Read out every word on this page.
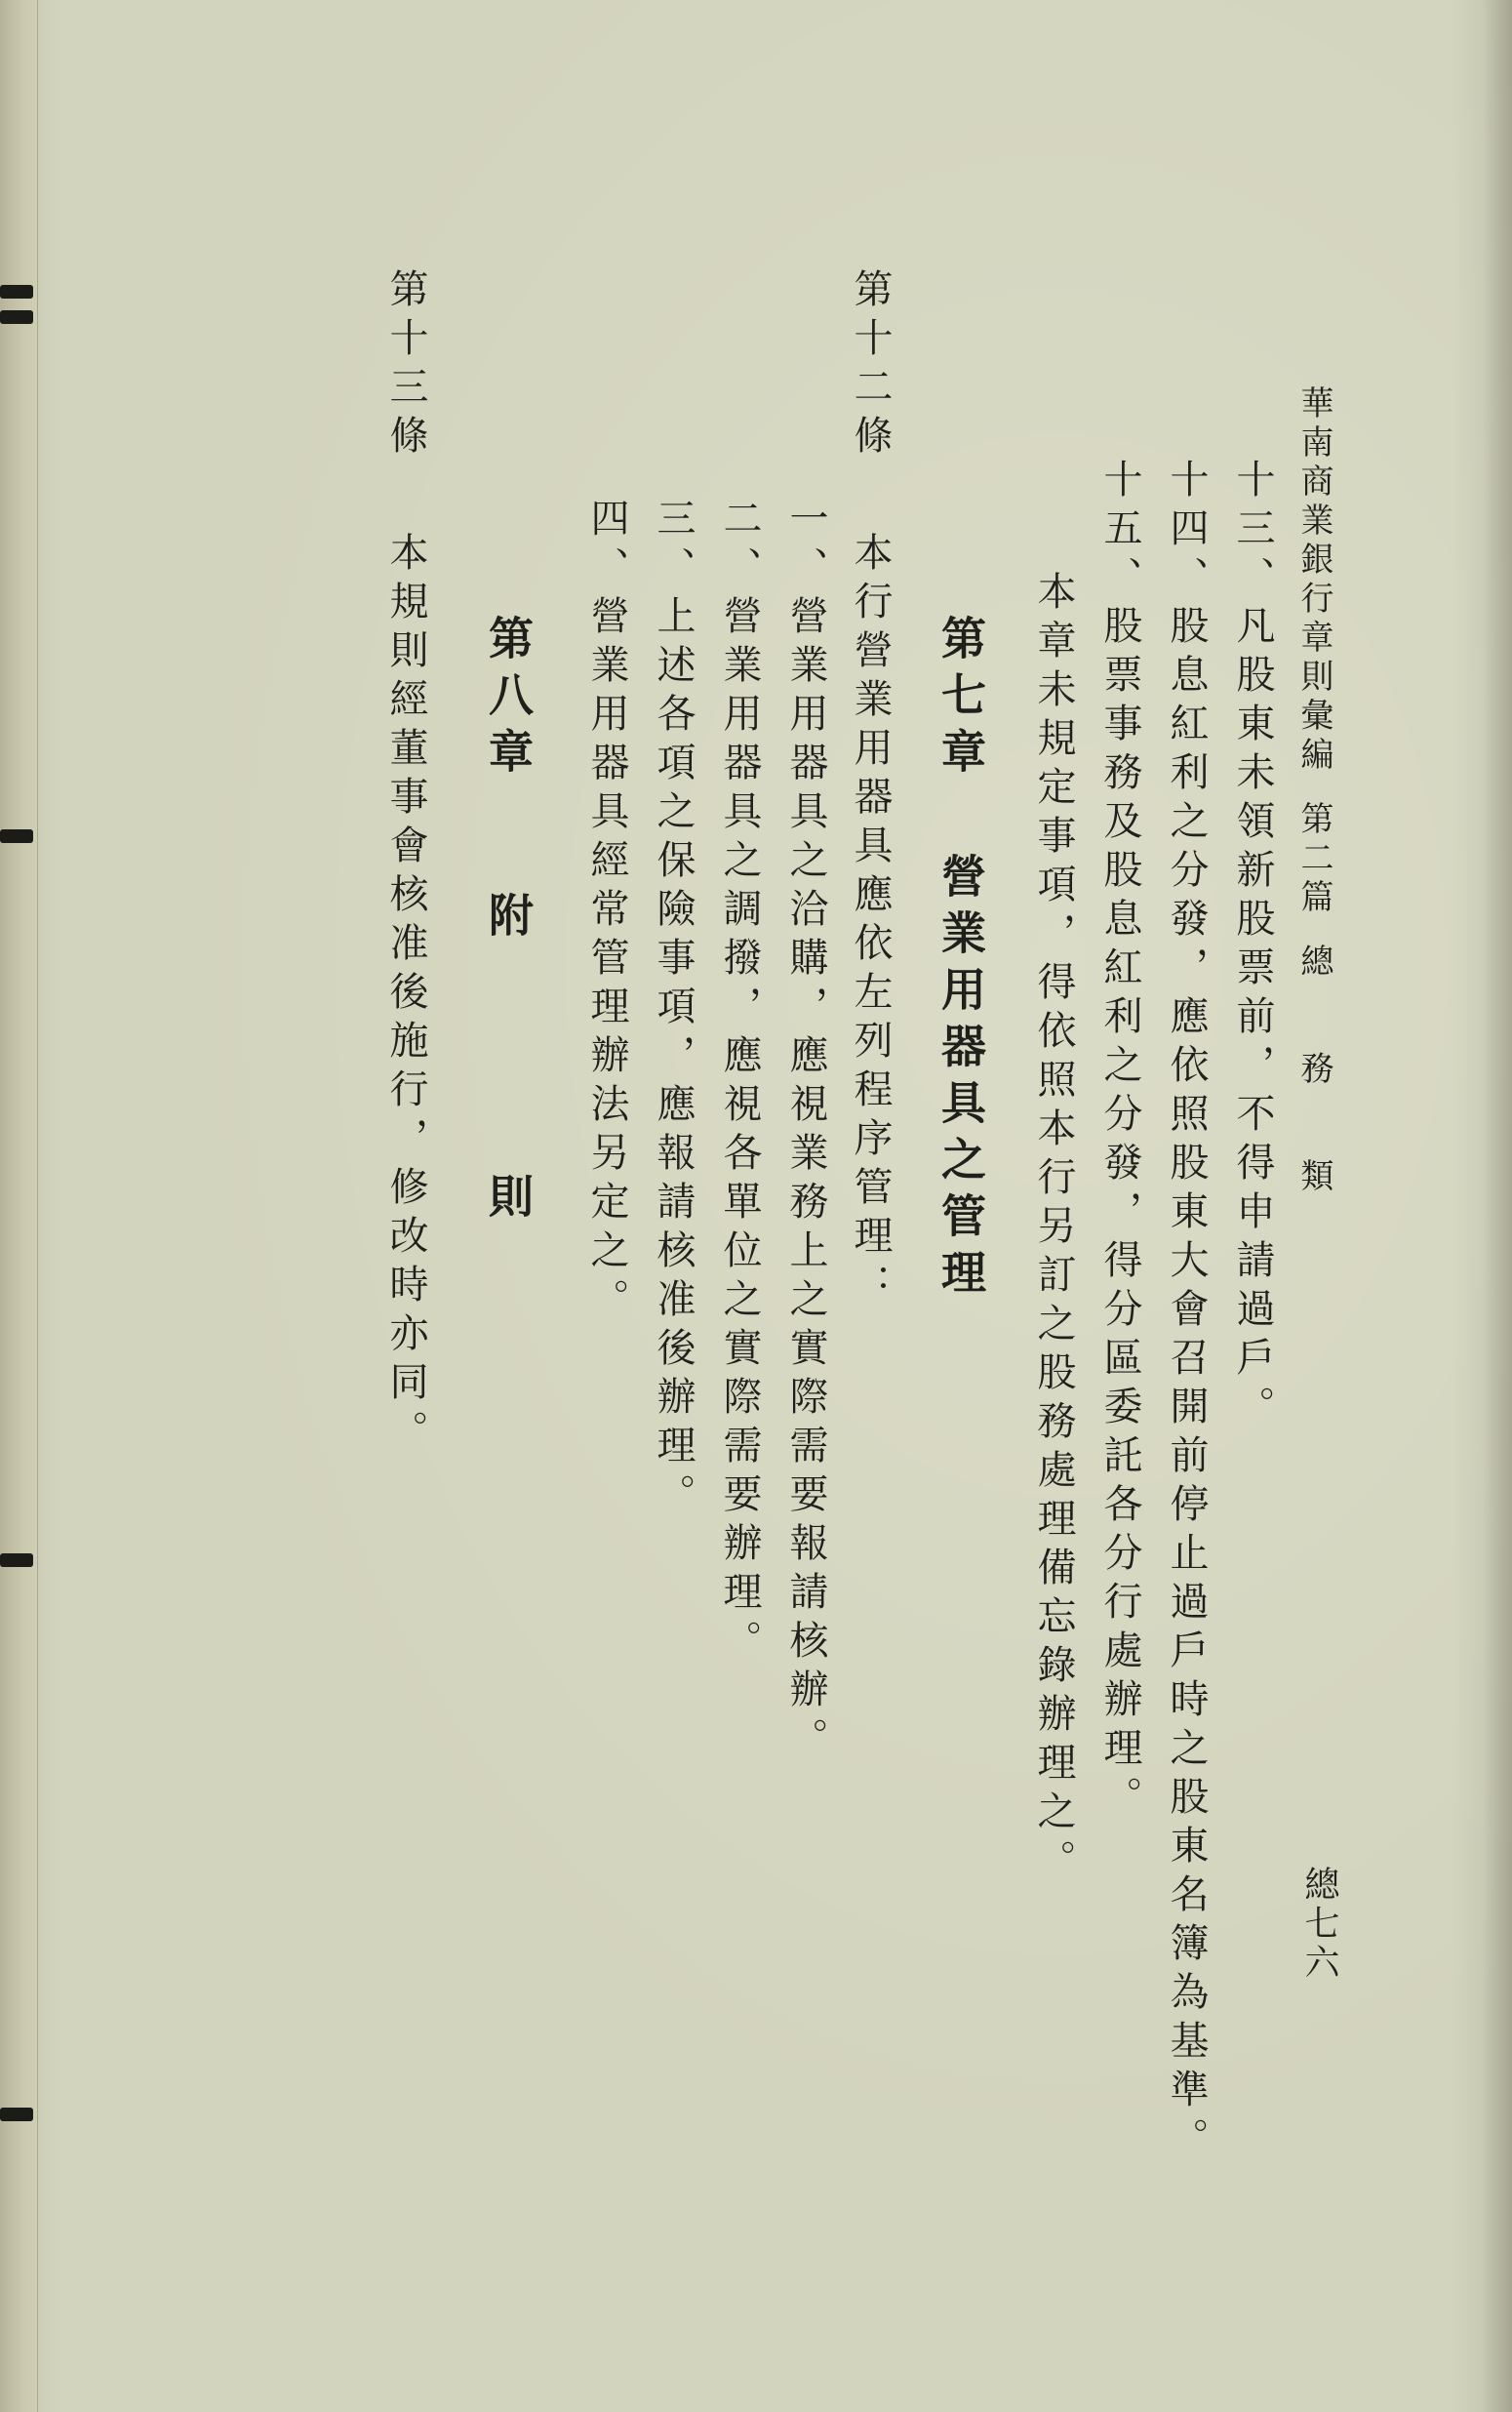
華南商業銀行章則彙編第二篇總務類
總七六
十三、凡股東未領新股票前，不得申請過戶。
十四、股息紅利之分發，應依照股東大會召開前停止過戶時之股東名簿為基準。
十五、股票事務及股息紅利之分發，得分區委託各分行處辦理。
本章未規定事項，得依照本行另訂之股務處理備忘錄辦理之。
第七章營業用器具之管理
第十二條本行營業用器具應依左列程序管理：
一、營業用器具之洽購，應視業務上之實際需要報請核辦。
二、營業用器具之調撥，應視各單位之實際需要辦理。
三、上述各項之保險事項，應報請核准後辦理。
四、營業用器具經常管理辦法另定之。
第八章附則
第十三條本規則經董事會核准後施行，修改時亦同。
